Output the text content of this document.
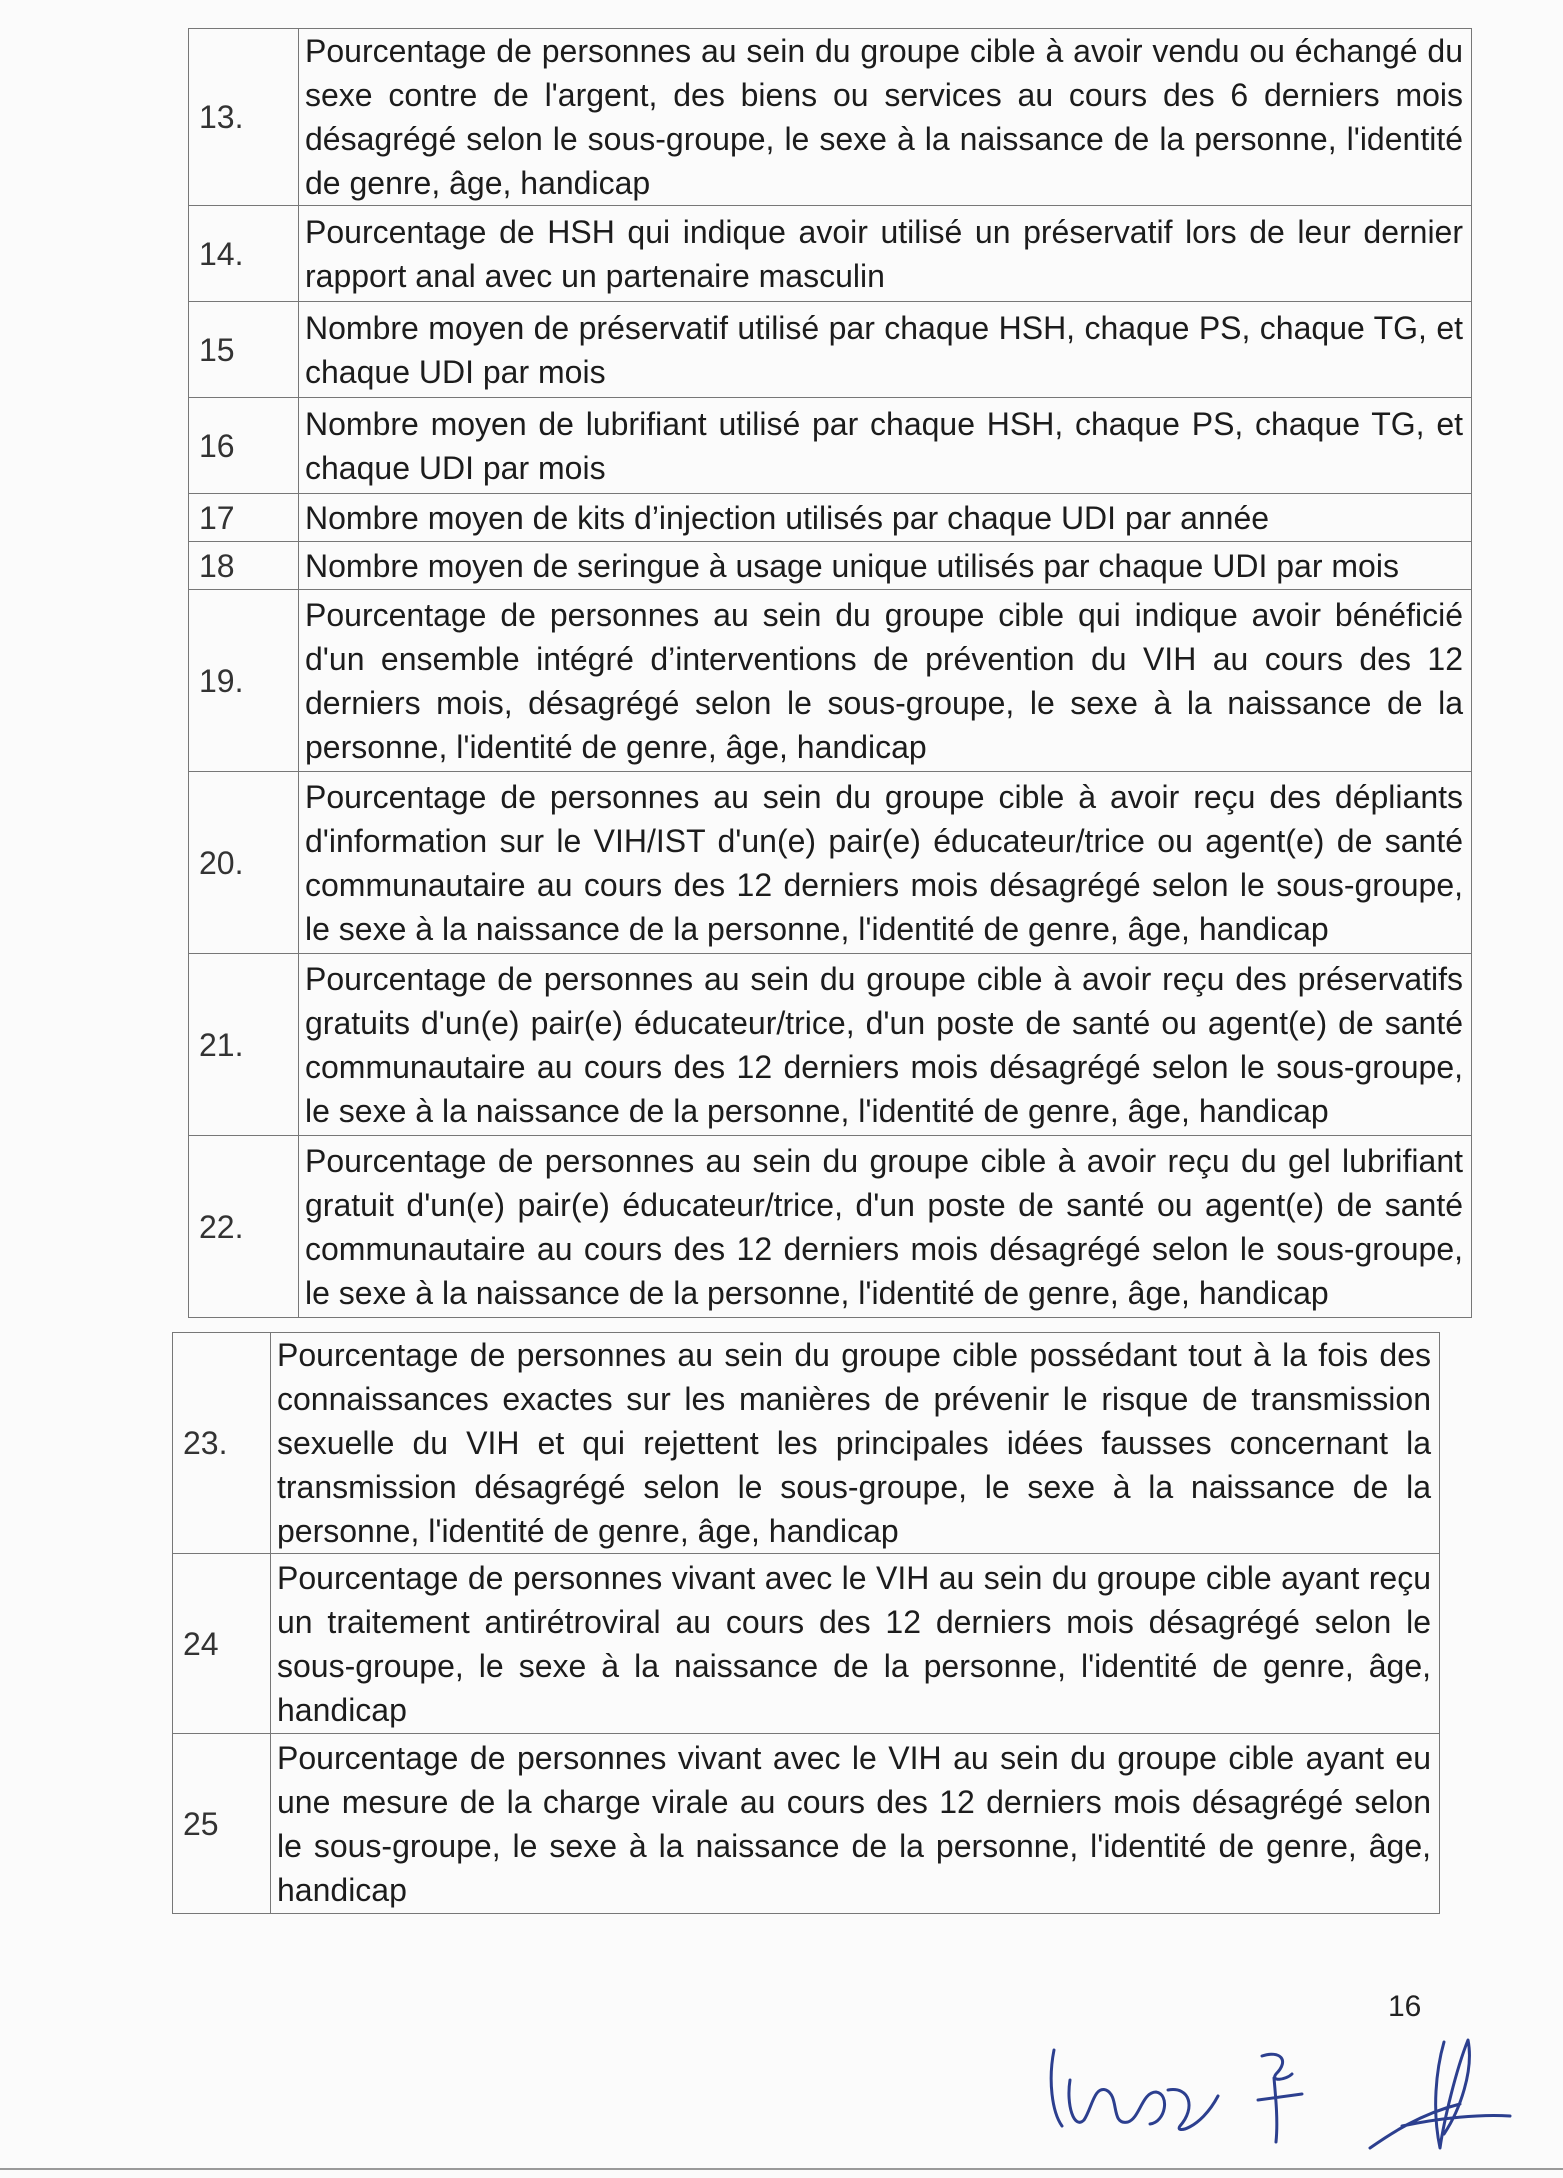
13.	Pourcentage de personnes au sein du groupe cible à avoir vendu ou échangé du sexe contre de l'argent, des biens ou services au cours des 6 derniers mois désagrégé selon le sous-groupe, le sexe à la naissance de la personne, l'identité de genre, âge, handicap
14.	Pourcentage de HSH qui indique avoir utilisé un préservatif lors de leur dernier rapport anal avec un partenaire masculin
15	Nombre moyen de préservatif utilisé par chaque HSH, chaque PS, chaque TG, et chaque UDI par mois
16	Nombre moyen de lubrifiant utilisé par chaque HSH, chaque PS, chaque TG, et chaque UDI par mois
17	Nombre moyen de kits d’injection utilisés par chaque UDI par année
18	Nombre moyen de seringue à usage unique utilisés par chaque UDI par mois
19.	Pourcentage de personnes au sein du groupe cible qui indique avoir bénéficié d'un ensemble intégré d’interventions de prévention du VIH au cours des 12 derniers mois, désagrégé selon le sous-groupe, le sexe à la naissance de la personne, l'identité de genre, âge, handicap
20.	Pourcentage de personnes au sein du groupe cible à avoir reçu des dépliants d'information sur le VIH/IST d'un(e) pair(e) éducateur/trice ou agent(e) de santé communautaire au cours des 12 derniers mois désagrégé selon le sous-groupe, le sexe à la naissance de la personne, l'identité de genre, âge, handicap
21.	Pourcentage de personnes au sein du groupe cible à avoir reçu des préservatifs gratuits d'un(e) pair(e) éducateur/trice, d'un poste de santé ou agent(e) de santé communautaire au cours des 12 derniers mois désagrégé selon le sous-groupe, le sexe à la naissance de la personne, l'identité de genre, âge, handicap
22.	Pourcentage de personnes au sein du groupe cible à avoir reçu du gel lubrifiant gratuit d'un(e) pair(e) éducateur/trice, d'un poste de santé ou agent(e) de santé communautaire au cours des 12 derniers mois désagrégé selon le sous-groupe, le sexe à la naissance de la personne, l'identité de genre, âge, handicap
23.	Pourcentage de personnes au sein du groupe cible possédant tout à la fois des connaissances exactes sur les manières de prévenir le risque de transmission sexuelle du VIH et qui rejettent les principales idées fausses concernant la transmission désagrégé selon le sous-groupe, le sexe à la naissance de la personne, l'identité de genre, âge, handicap
24	Pourcentage de personnes vivant avec le VIH au sein du groupe cible ayant reçu un traitement antirétroviral au cours des 12 derniers mois désagrégé selon le sous-groupe, le sexe à la naissance de la personne, l'identité de genre, âge, handicap
25	Pourcentage de personnes vivant avec le VIH au sein du groupe cible ayant eu une mesure de la charge virale au cours des 12 derniers mois désagrégé selon le sous-groupe, le sexe à la naissance de la personne, l'identité de genre, âge, handicap
16
